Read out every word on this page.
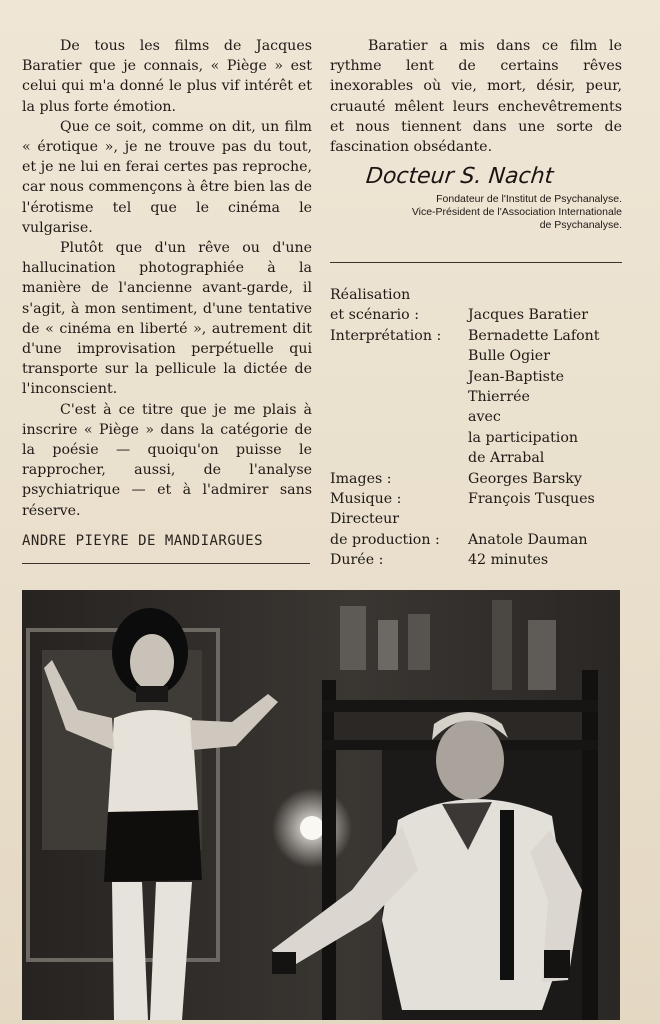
De tous les films de Jacques Baratier que je connais, « Piège » est celui qui m'a donné le plus vif intérêt et la plus forte émotion.

Que ce soit, comme on dit, un film « érotique », je ne trouve pas du tout, et je ne lui en ferai certes pas reproche, car nous commençons à être bien las de l'érotisme tel que le cinéma le vulgarise.

Plutôt que d'un rêve ou d'une hallucination photographiée à la manière de l'ancienne avant-garde, il s'agit, à mon sentiment, d'une tentative de « cinéma en liberté », autrement dit d'une improvisation perpétuelle qui transporte sur la pellicule la dictée de l'inconscient.

C'est à ce titre que je me plais à inscrire « Piège » dans la catégorie de la poésie — quoiqu'on puisse le rapprocher, aussi, de l'analyse psychiatrique — et à l'admirer sans réserve.

ANDRE PIEYRE DE MANDIARGUES

Baratier a mis dans ce film le rythme lent de certains rêves inexorables où vie, mort, désir, peur, cruauté mêlent leurs enchevêtrements et nous tiennent dans une sorte de fascination obsédante.

Docteur S. Nacht
Fondateur de l'Institut de Psychanalyse.
Vice-Président de l'Association Internationale
de Psychanalyse.
Réalisation
et scénario :	Jacques Baratier
Interprétation :	Bernadette Lafont
Bulle Ogier
Jean-Baptiste
Thierrée
avec
la participation
de Arrabal
Images :	Georges Barsky
Musique :	François Tusques
Directeur
de production :	Anatole Dauman
Durée :	42 minutes
